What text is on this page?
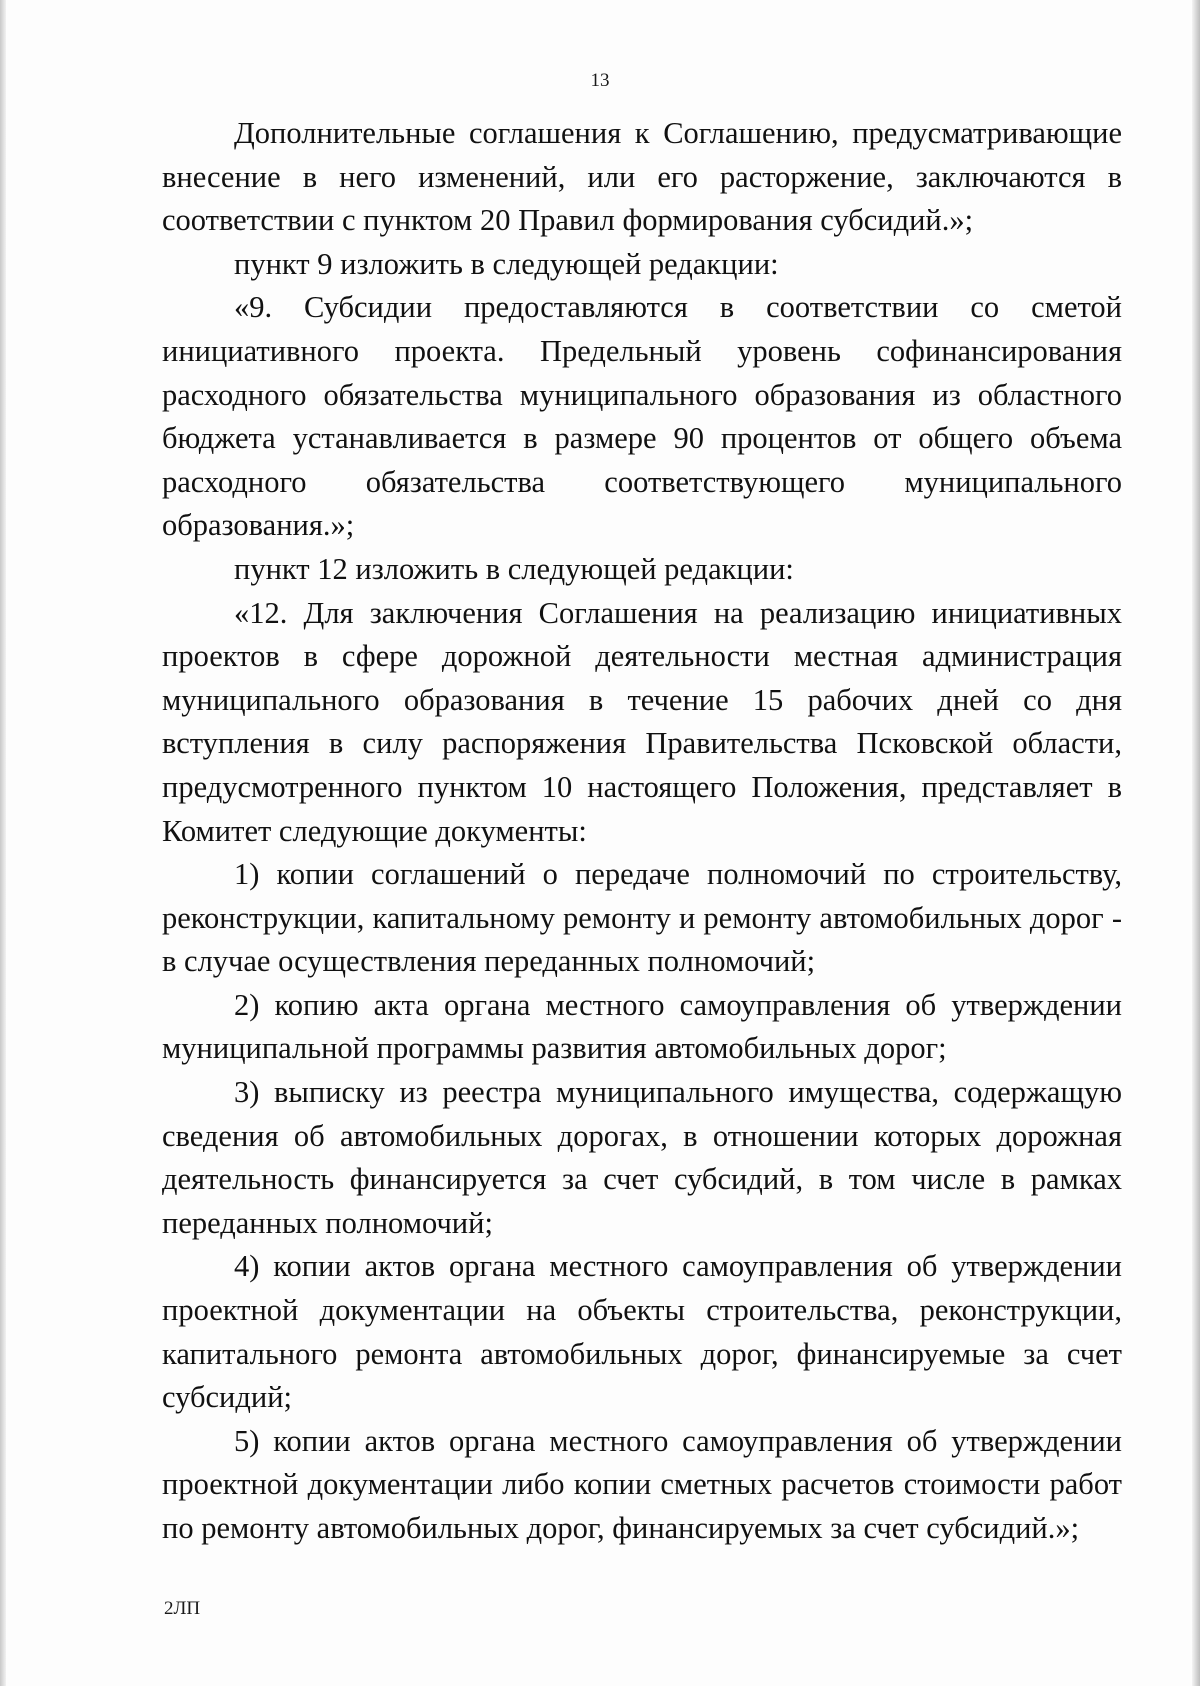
13

Дополнительные соглашения к Соглашению, предусматривающие внесение в него изменений, или его расторжение, заключаются в соответствии с пунктом 20 Правил формирования субсидий.»;

пункт 9 изложить в следующей редакции:

«9. Субсидии предоставляются в соответствии со сметой инициативного проекта. Предельный уровень софинансирования расходного обязательства муниципального образования из областного бюджета устанавливается в размере 90 процентов от общего объема расходного обязательства соответствующего муниципального образования.»;

пункт 12 изложить в следующей редакции:

«12. Для заключения Соглашения на реализацию инициативных проектов в сфере дорожной деятельности местная администрация муниципального образования в течение 15 рабочих дней со дня вступления в силу распоряжения Правительства Псковской области, предусмотренного пунктом 10 настоящего Положения, представляет в Комитет следующие документы:

1) копии соглашений о передаче полномочий по строительству, реконструкции, капитальному ремонту и ремонту автомобильных дорог - в случае осуществления переданных полномочий;

2) копию акта органа местного самоуправления об утверждении муниципальной программы развития автомобильных дорог;

3) выписку из реестра муниципального имущества, содержащую сведения об автомобильных дорогах, в отношении которых дорожная деятельность финансируется за счет субсидий, в том числе в рамках переданных полномочий;

4) копии актов органа местного самоуправления об утверждении проектной документации на объекты строительства, реконструкции, капитального ремонта автомобильных дорог, финансируемые за счет субсидий;

5) копии актов органа местного самоуправления об утверждении проектной документации либо копии сметных расчетов стоимости работ по ремонту автомобильных дорог, финансируемых за счет субсидий.»;

2ЛП
